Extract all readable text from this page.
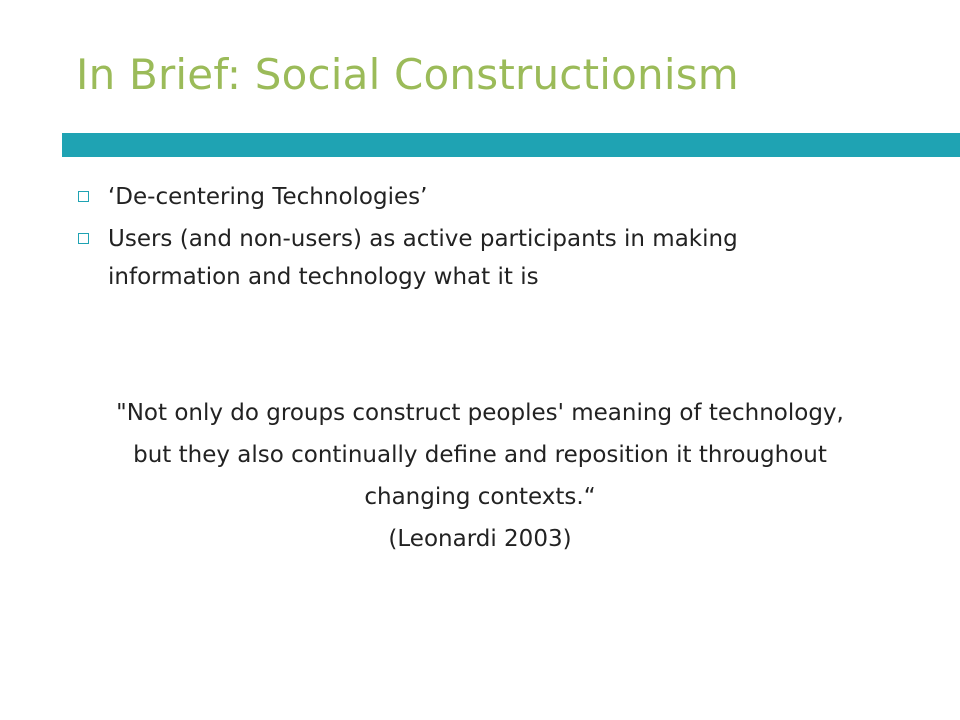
In Brief: Social Constructionism
‘De-centering Technologies’
Users (and non-users) as active participants in making information and technology what it is
"Not only do groups construct peoples' meaning of technology, but they also continually define and reposition it throughout changing contexts.“
(Leonardi 2003)
